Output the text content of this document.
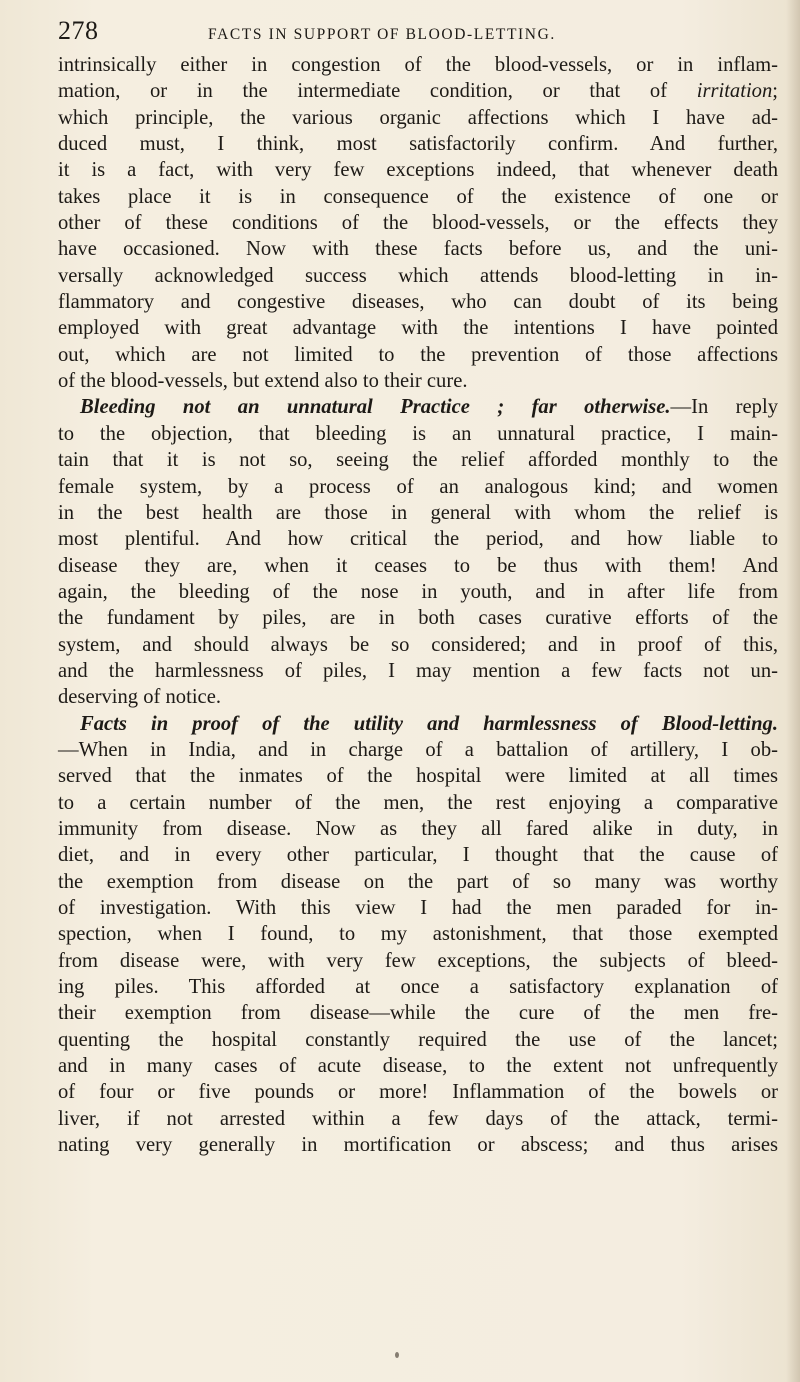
278	FACTS IN SUPPORT OF BLOOD-LETTING.
intrinsically either in congestion of the blood-vessels, or in inflam-
mation, or in the intermediate condition, or that of irritation;
which principle, the various organic affections which I have ad-
duced must, I think, most satisfactorily confirm. And further,
it is a fact, with very few exceptions indeed, that whenever death
takes place it is in consequence of the existence of one or
other of these conditions of the blood-vessels, or the effects they
have occasioned. Now with these facts before us, and the uni-
versally acknowledged success which attends blood-letting in in-
flammatory and congestive diseases, who can doubt of its being
employed with great advantage with the intentions I have pointed
out, which are not limited to the prevention of those affections
of the blood-vessels, but extend also to their cure.
Bleeding not an unnatural Practice ; far otherwise.—In reply
to the objection, that bleeding is an unnatural practice, I main-
tain that it is not so, seeing the relief afforded monthly to the
female system, by a process of an analogous kind; and women
in the best health are those in general with whom the relief is
most plentiful. And how critical the period, and how liable to
disease they are, when it ceases to be thus with them! And
again, the bleeding of the nose in youth, and in after life from
the fundament by piles, are in both cases curative efforts of the
system, and should always be so considered; and in proof of this,
and the harmlessness of piles, I may mention a few facts not un-
deserving of notice.
Facts in proof of the utility and harmlessness of Blood-letting.
—When in India, and in charge of a battalion of artillery, I ob-
served that the inmates of the hospital were limited at all times
to a certain number of the men, the rest enjoying a comparative
immunity from disease. Now as they all fared alike in duty, in
diet, and in every other particular, I thought that the cause of
the exemption from disease on the part of so many was worthy
of investigation. With this view I had the men paraded for in-
spection, when I found, to my astonishment, that those exempted
from disease were, with very few exceptions, the subjects of bleed-
ing piles. This afforded at once a satisfactory explanation of
their exemption from disease—while the cure of the men fre-
quenting the hospital constantly required the use of the lancet;
and in many cases of acute disease, to the extent not unfrequently
of four or five pounds or more! Inflammation of the bowels or
liver, if not arrested within a few days of the attack, termi-
nating very generally in mortification or abscess; and thus arises
